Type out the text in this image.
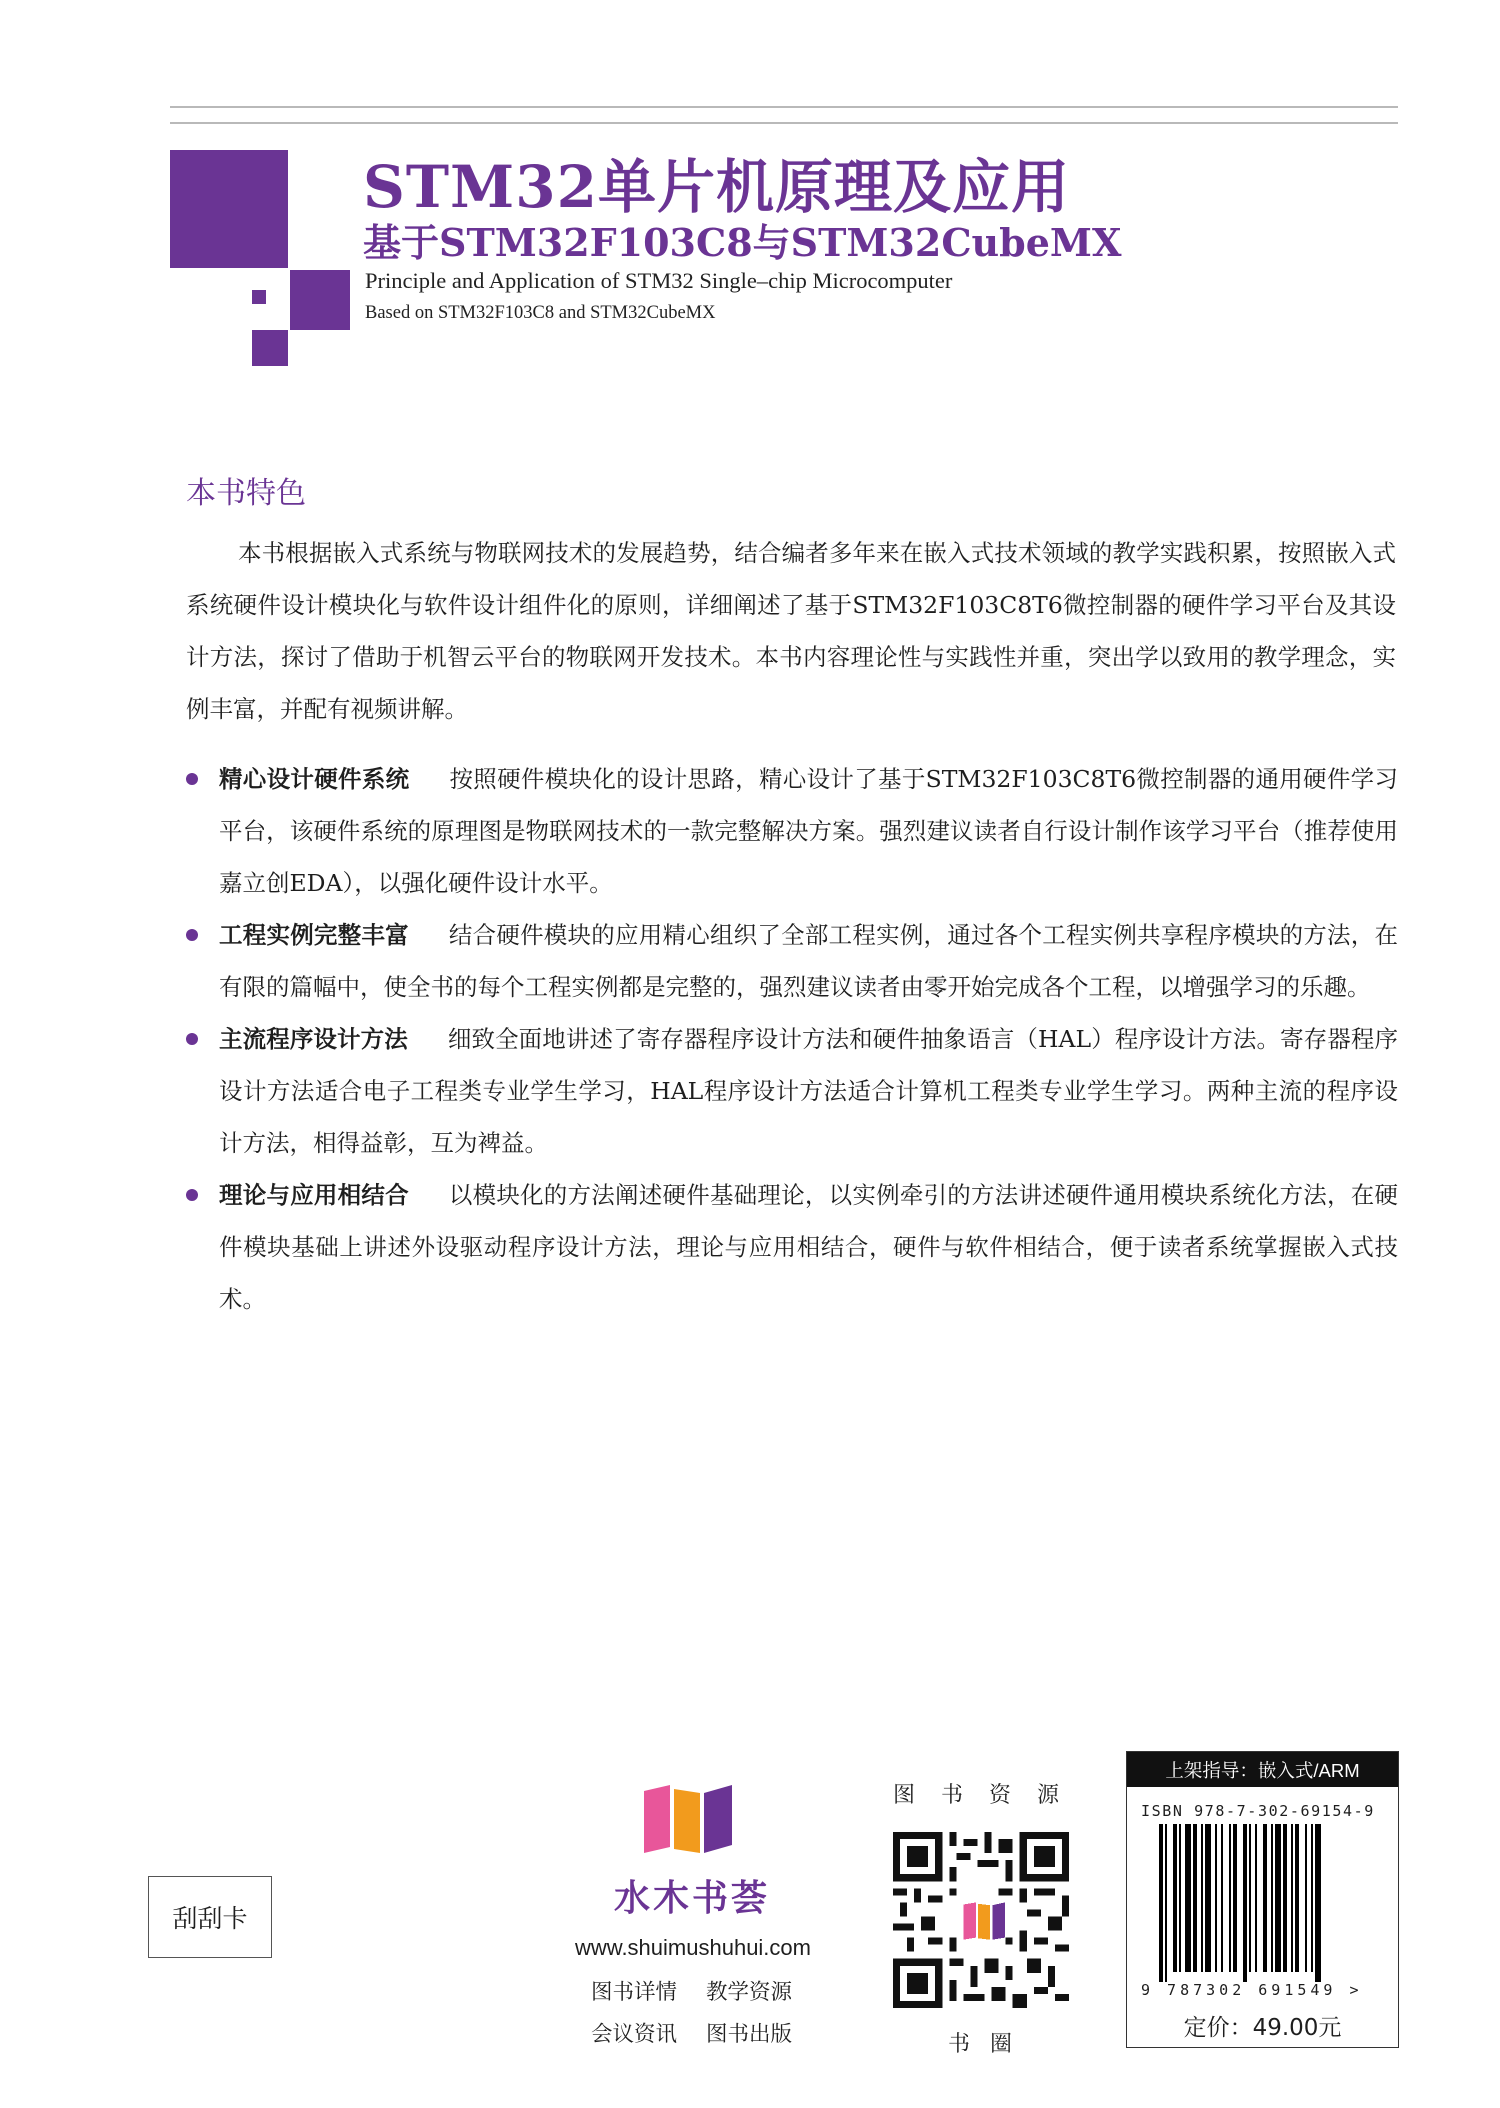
STM32单片机原理及应用
基于STM32F103C8与STM32CubeMX
Principle and Application of STM32 Single–chip Microcomputer
Based on STM32F103C8 and STM32CubeMX
本书特色

本书根据嵌入式系统与物联网技术的发展趋势，结合编者多年来在嵌入式技术领域的教学实践积累，按照嵌入式系统硬件设计模块化与软件设计组件化的原则，详细阐述了基于STM32F103C8T6微控制器的硬件学习平台及其设计方法，探讨了借助于机智云平台的物联网开发技术。本书内容理论性与实践性并重，突出学以致用的教学理念，实例丰富，并配有视频讲解。

精心设计硬件系统 按照硬件模块化的设计思路，精心设计了基于STM32F103C8T6微控制器的通用硬件学习平台，该硬件系统的原理图是物联网技术的一款完整解决方案。强烈建议读者自行设计制作该学习平台（推荐使用嘉立创EDA），以强化硬件设计水平。
工程实例完整丰富 结合硬件模块的应用精心组织了全部工程实例，通过各个工程实例共享程序模块的方法，在有限的篇幅中，使全书的每个工程实例都是完整的，强烈建议读者由零开始完成各个工程，以增强学习的乐趣。
主流程序设计方法 细致全面地讲述了寄存器程序设计方法和硬件抽象语言（HAL）程序设计方法。寄存器程序设计方法适合电子工程类专业学生学习，HAL程序设计方法适合计算机工程类专业学生学习。两种主流的程序设计方法，相得益彰，互为裨益。
理论与应用相结合 以模块化的方法阐述硬件基础理论，以实例牵引的方法讲述硬件通用模块系统化方法，在硬件模块基础上讲述外设驱动程序设计方法，理论与应用相结合，硬件与软件相结合，便于读者系统掌握嵌入式技术。
刮刮卡	水木书荟
www.shuimushuhui.com
图书详情 教学资源
会议资讯 图书出版
图书资源
书圈
上架指导：嵌入式/ARM
ISBN 978-7-302-69154-9
9 787302 691549 >
定价：49.00元
